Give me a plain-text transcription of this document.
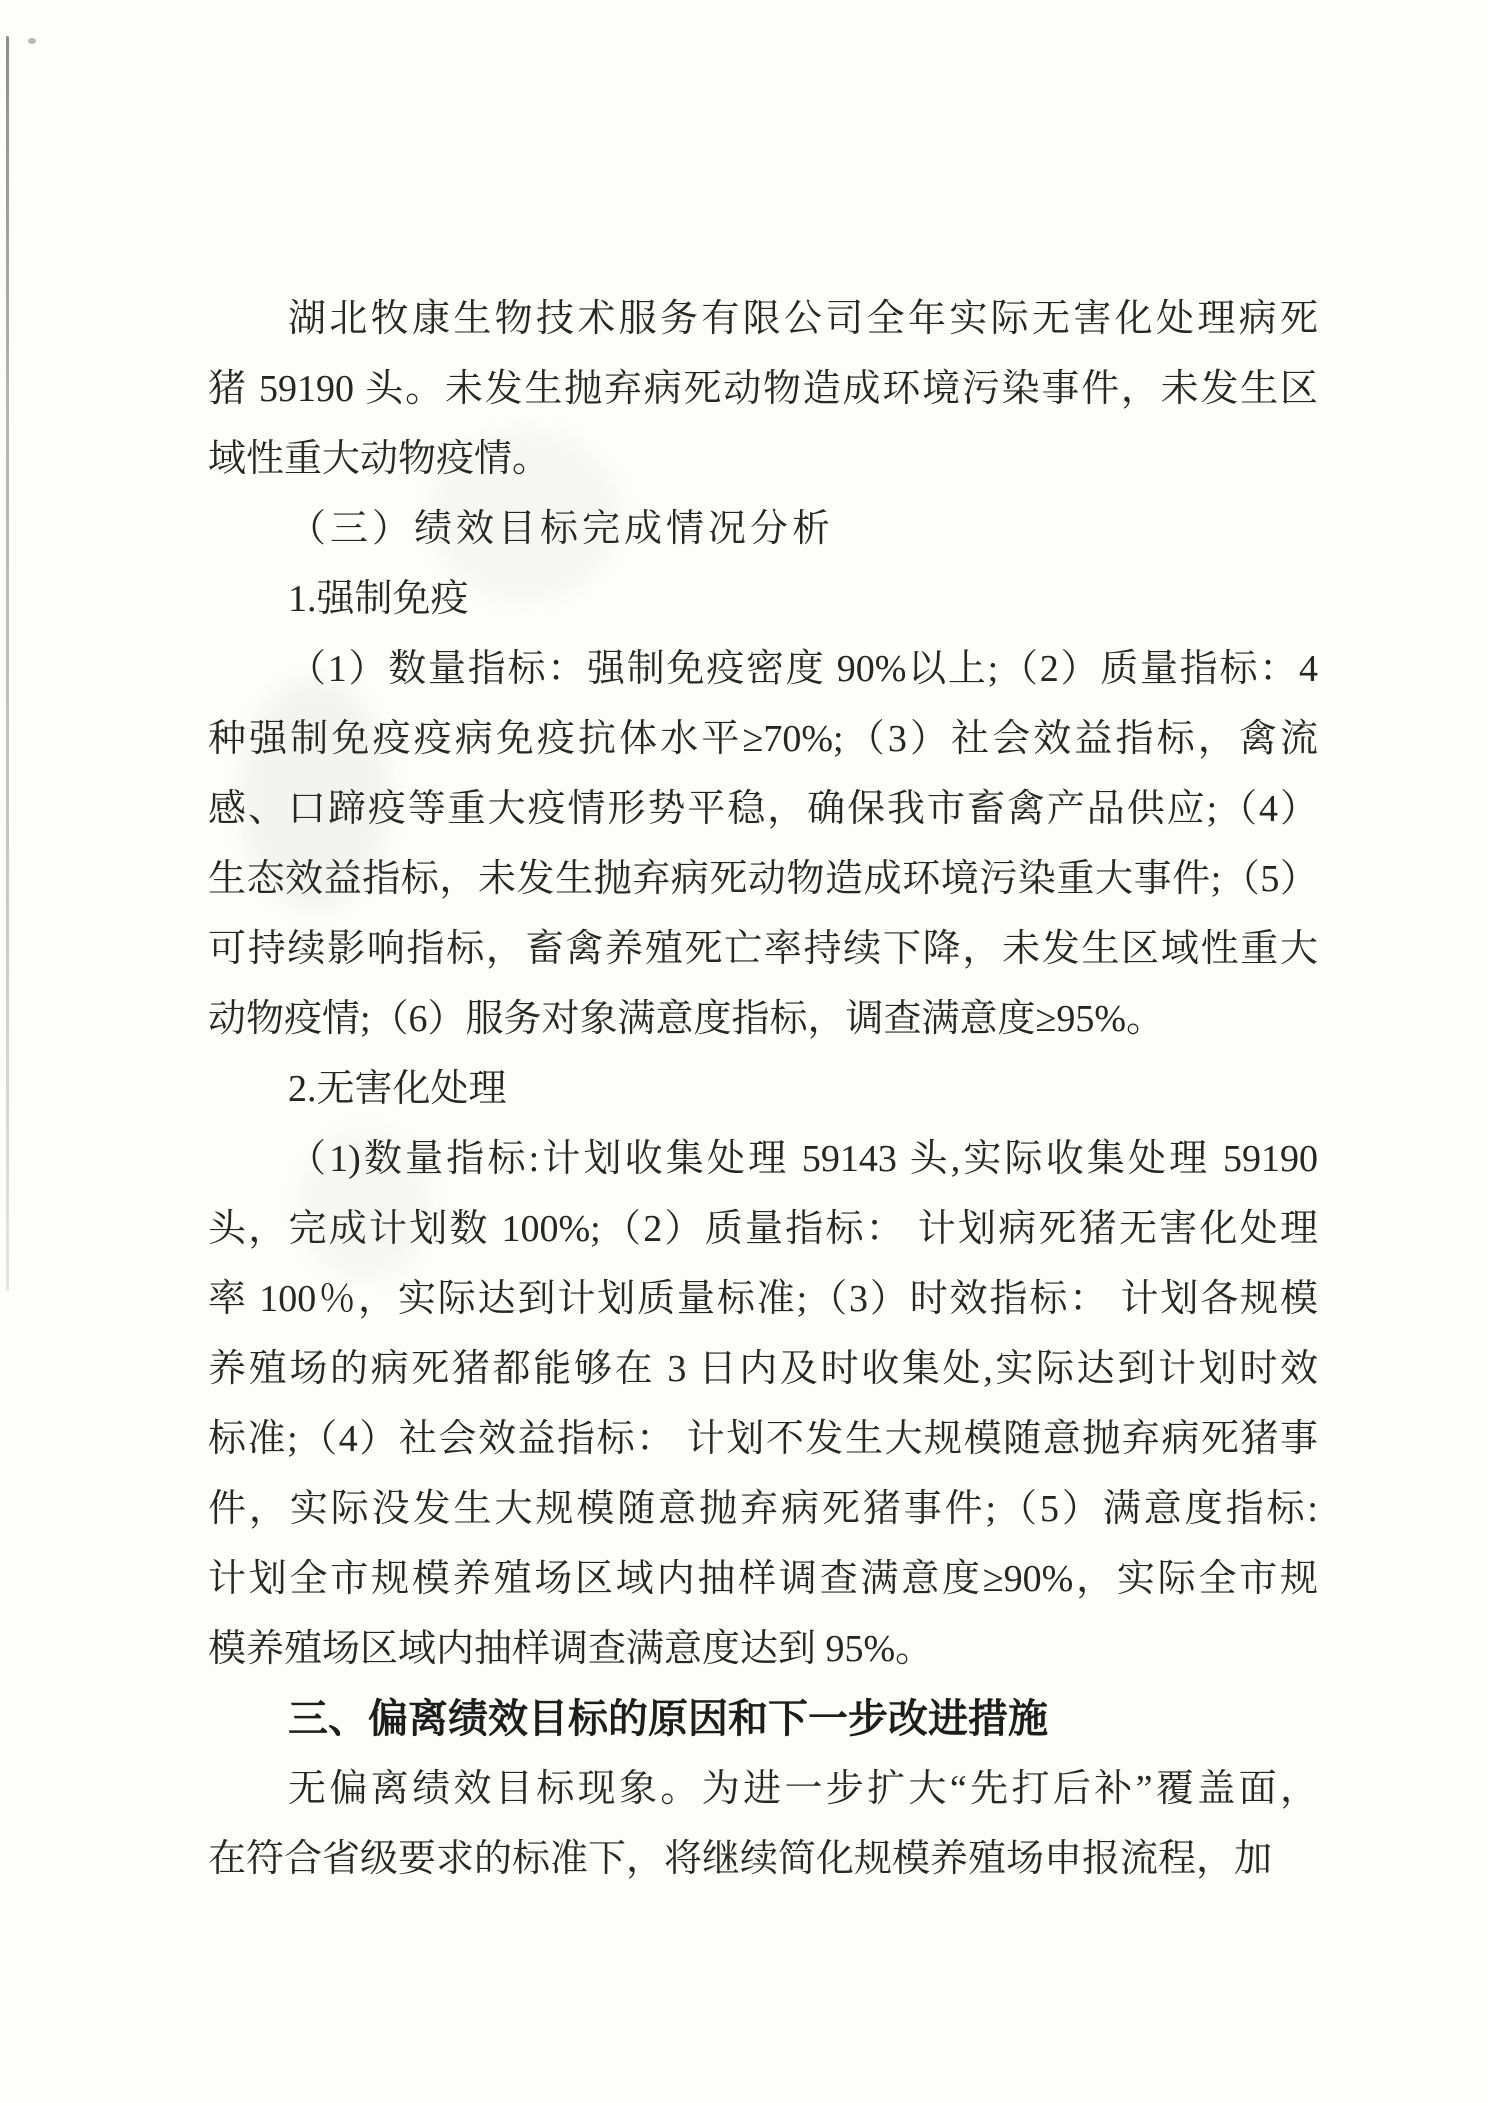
湖北牧康生物技术服务有限公司全年实际无害化处理病死
猪 59190 头。未发生抛弃病死动物造成环境污染事件，未发生区
域性重大动物疫情。
（三）绩效目标完成情况分析
1.强制免疫
（1）数量指标：强制免疫密度 90%以上;（2）质量指标：4
种强制免疫疫病免疫抗体水平≥70%;（3）社会效益指标，禽流
感、口蹄疫等重大疫情形势平稳，确保我市畜禽产品供应;（4）
生态效益指标，未发生抛弃病死动物造成环境污染重大事件;（5）
可持续影响指标，畜禽养殖死亡率持续下降，未发生区域性重大
动物疫情;（6）服务对象满意度指标，调查满意度≥95%。
2.无害化处理
（1)数量指标:计划收集处理 59143 头,实际收集处理 59190
头，完成计划数 100%;（2）质量指标： 计划病死猪无害化处理
率 100％，实际达到计划质量标准;（3）时效指标： 计划各规模
养殖场的病死猪都能够在 3 日内及时收集处,实际达到计划时效
标准;（4）社会效益指标： 计划不发生大规模随意抛弃病死猪事
件，实际没发生大规模随意抛弃病死猪事件;（5）满意度指标:
计划全市规模养殖场区域内抽样调查满意度≥90%，实际全市规
模养殖场区域内抽样调查满意度达到 95%。
三、偏离绩效目标的原因和下一步改进措施
无偏离绩效目标现象。为进一步扩大“先打后补”覆盖面，
在符合省级要求的标准下，将继续简化规模养殖场申报流程，加
